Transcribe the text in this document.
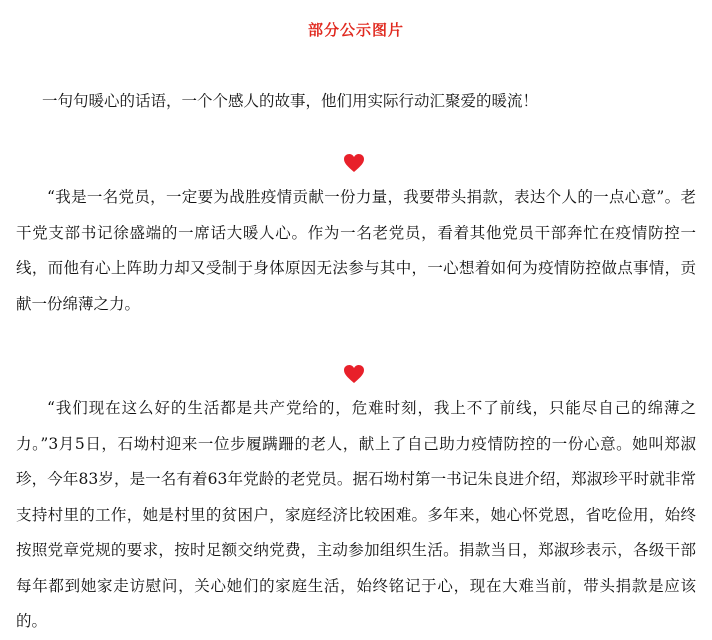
部分公示图片
一句句暖心的话语，一个个感人的故事，他们用实际行动汇聚爱的暖流！

“我是一名党员，一定要为战胜疫情贡献一份力量，我要带头捐款，表达个人的一点心意”。老干党支部书记徐盛端的一席话大暖人心。作为一名老党员，看着其他党员干部奔忙在疫情防控一线，而他有心上阵助力却又受制于身体原因无法参与其中，一心想着如何为疫情防控做点事情，贡献一份绵薄之力。

“我们现在这么好的生活都是共产党给的，危难时刻，我上不了前线，只能尽自己的绵薄之力。”3月5日，石坳村迎来一位步履蹒跚的老人，献上了自己助力疫情防控的一份心意。她叫郑淑珍，今年83岁，是一名有着63年党龄的老党员。据石坳村第一书记朱良进介绍，郑淑珍平时就非常支持村里的工作，她是村里的贫困户，家庭经济比较困难。多年来，她心怀党恩，省吃俭用，始终按照党章党规的要求，按时足额交纳党费，主动参加组织生活。捐款当日，郑淑珍表示，各级干部每年都到她家走访慰问，关心她们的家庭生活，始终铭记于心，现在大难当前，带头捐款是应该的。
